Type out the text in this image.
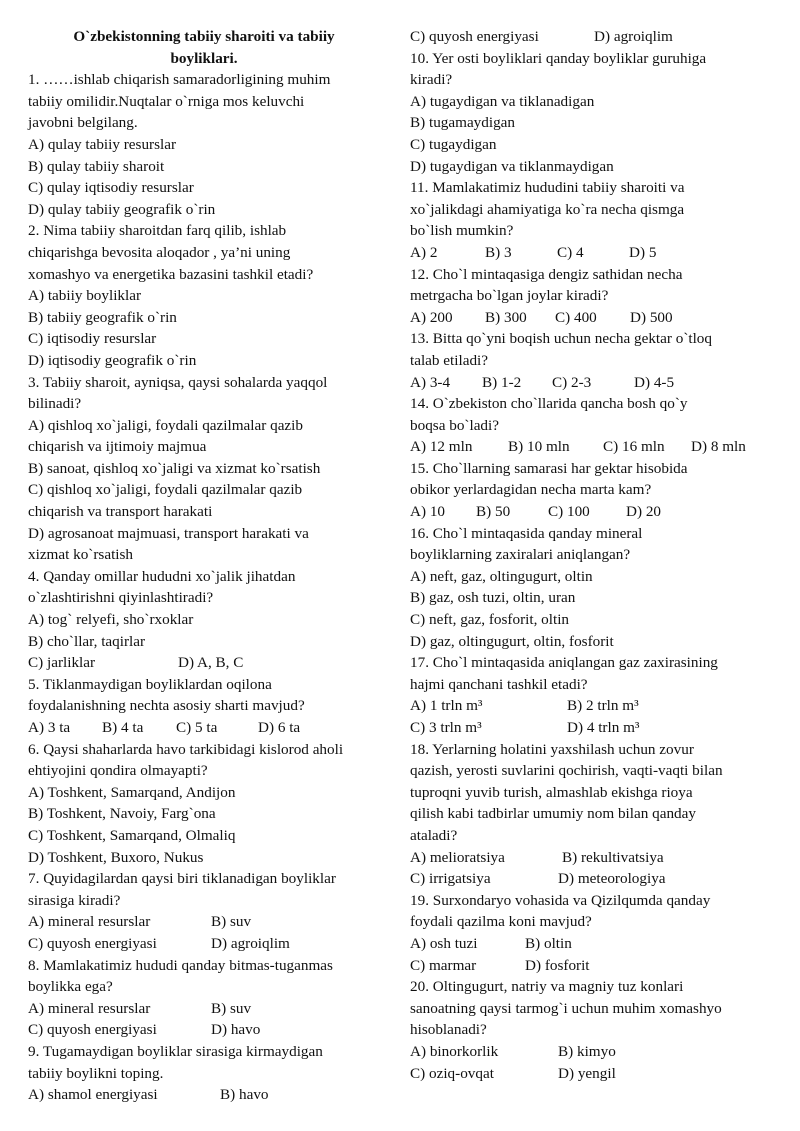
O`zbekistonning tabiiy sharoiti va tabiiy
boyliklari.
1. ……ishlab chiqarish samaradorligining muhim
tabiiy omilidir.Nuqtalar o`rniga mos keluvchi
javobni belgilang.
A) qulay tabiiy resurslar
B) qulay tabiiy sharoit
C) qulay iqtisodiy resurslar
D) qulay tabiiy geografik o`rin
2. Nima tabiiy sharoitdan farq qilib, ishlab
chiqarishga bevosita aloqador , ya’ni uning
xomashyo va energetika bazasini tashkil etadi?
A) tabiiy boyliklar
B) tabiiy geografik o`rin
C) iqtisodiy resurslar
D) iqtisodiy geografik o`rin
3. Tabiiy sharoit, ayniqsa, qaysi sohalarda yaqqol
bilinadi?
A) qishloq xo`jaligi, foydali qazilmalar qazib
chiqarish va ijtimoiy majmua
B) sanoat, qishloq xo`jaligi va xizmat ko`rsatish
C) qishloq xo`jaligi, foydali qazilmalar qazib
chiqarish va transport harakati
D) agrosanoat majmuasi, transport harakati va
xizmat ko`rsatish
4. Qanday omillar hududni xo`jalik jihatdan
o`zlashtirishni qiyinlashtiradi?
A) tog` relyefi, sho`rxoklar
B) cho`llar, taqirlar
C) jarliklar	D) A, B, C
5. Tiklanmaydigan boyliklardan oqilona
foydalanishning nechta asosiy sharti mavjud?
A) 3 ta	B) 4 ta	C) 5 ta	D) 6 ta
6. Qaysi shaharlarda havo tarkibidagi kislorod aholi
ehtiyojini qondira olmayapti?
A) Toshkent, Samarqand, Andijon
B) Toshkent, Navoiy, Farg`ona
C) Toshkent, Samarqand, Olmaliq
D) Toshkent, Buxoro, Nukus
7. Quyidagilardan qaysi biri tiklanadigan boyliklar
sirasiga kiradi?
A) mineral resurslar	B) suv
C) quyosh energiyasi	D) agroiqlim
8. Mamlakatimiz hududi qanday bitmas-tuganmas
boylikka ega?
A) mineral resurslar	B) suv
C) quyosh energiyasi	D) havo
9. Tugamaydigan boyliklar sirasiga kirmaydigan
tabiiy boylikni toping.
A) shamol energiyasi	B) havo
C) quyosh energiyasi	D) agroiqlim
10. Yer osti boyliklari qanday boyliklar guruhiga
kiradi?
A) tugaydigan va tiklanadigan
B) tugamaydigan
C) tugaydigan
D) tugaydigan va tiklanmaydigan
11. Mamlakatimiz hududini tabiiy sharoiti va
xo`jalikdagi ahamiyatiga ko`ra necha qismga
bo`lish mumkin?
A) 2	B) 3	C) 4	D) 5
12. Cho`l mintaqasiga dengiz sathidan necha
metrgacha bo`lgan joylar kiradi?
A) 200	B) 300	C) 400	D) 500
13. Bitta qo`yni boqish uchun necha gektar o`tloq
talab etiladi?
A) 3-4	B) 1-2	C) 2-3	D) 4-5
14. O`zbekiston cho`llarida qancha bosh qo`y
boqsa bo`ladi?
A) 12 mln	B) 10 mln	C) 16 mln	D) 8 mln
15. Cho`llarning samarasi har gektar hisobida
obikor yerlardagidan necha marta kam?
A) 10	B) 50	C) 100	D) 20
16. Cho`l mintaqasida qanday mineral
boyliklarning zaxiralari aniqlangan?
A) neft, gaz, oltingugurt, oltin
B) gaz, osh tuzi, oltin, uran
C) neft, gaz, fosforit, oltin
D) gaz, oltingugurt, oltin, fosforit
17. Cho`l mintaqasida aniqlangan gaz zaxirasining
hajmi qanchani tashkil etadi?
A) 1 trln m³	B) 2 trln m³
C) 3 trln m³	D) 4 trln m³
18. Yerlarning holatini yaxshilash uchun zovur
qazish, yerosti suvlarini qochirish, vaqti-vaqti bilan
tuproqni yuvib turish, almashlab ekishga rioya
qilish kabi tadbirlar umumiy nom bilan qanday
ataladi?
A) melioratsiya	B) rekultivatsiya
C) irrigatsiya	D) meteorologiya
19. Surxondaryo vohasida va Qizilqumda qanday
foydali qazilma koni mavjud?
A) osh tuzi	B) oltin
C) marmar	D) fosforit
20. Oltingugurt, natriy va magniy tuz konlari
sanoatning qaysi tarmog`i uchun muhim xomashyo
hisoblanadi?
A) binorkorlik	B) kimyo
C) oziq-ovqat	D) yengil
